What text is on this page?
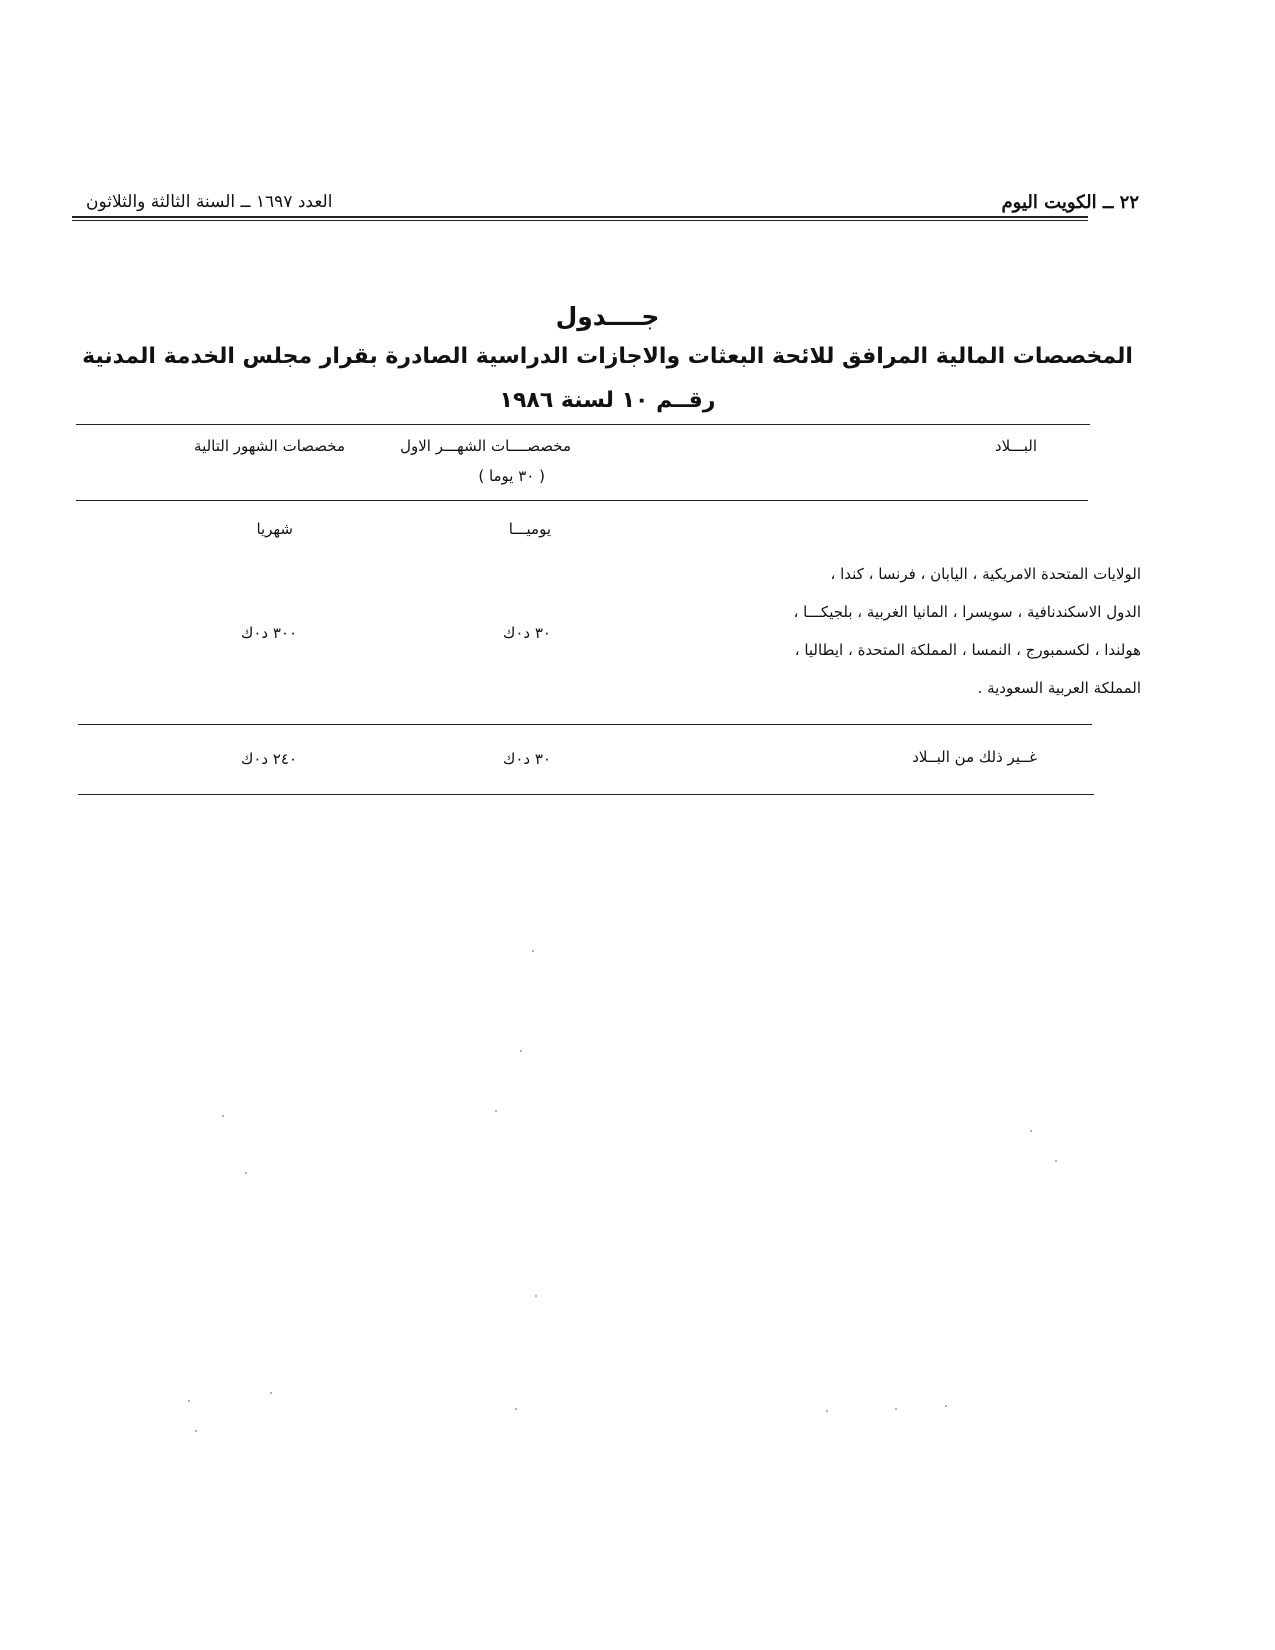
٢٢ ــ الكويت اليوم
العدد ١٦٩٧ ــ السنة الثالثة والثلاثون
جــــدول
المخصصات المالية المرافق للائحة البعثات والاجازات الدراسية الصادرة بقرار مجلس الخدمة المدنية
رقــم ١٠ لسنة ١٩٨٦
البـــلاد
مخصصــــات الشهـــر الاول
( ٣٠ يوما )
مخصصات الشهور التالية
يوميـــا
شهريا
الولايات المتحدة الامريكية ، اليابان ، فرنسا ، كندا ،
الدول الاسكندنافية ، سويسرا ، المانيا الغربية ، بلجيكـــا ،
هولندا ، لكسمبورج ، النمسا ، المملكة المتحدة ، ايطاليا ،
المملكة العربية السعودية .
٣٠ د٠ك
٣٠٠ د٠ك
غــير ذلك من البــلاد
٣٠ د٠ك
٢٤٠ د٠ك
